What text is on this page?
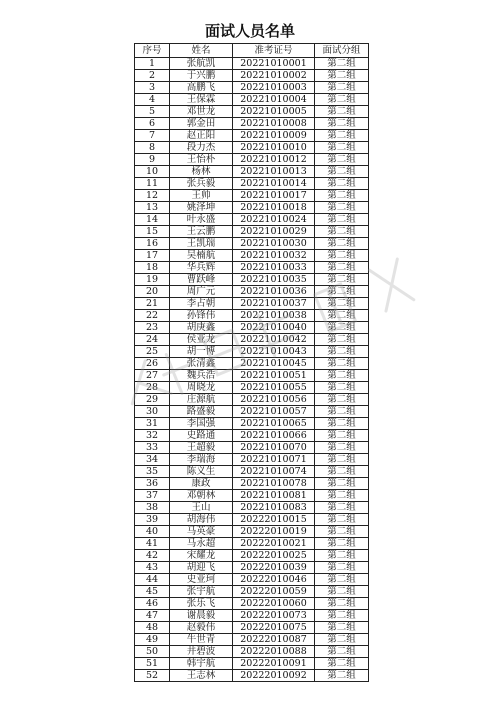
面试人员名单
序号	姓名	准考证号	面试分组
1	张航凯	20221010001	第二组
2	于兴鹏	20221010002	第二组
3	高鹏飞	20221010003	第二组
4	王保霖	20221010004	第二组
5	邓世龙	20221010005	第二组
6	郭金田	20221010008	第二组
7	赵正阳	20221010009	第二组
8	段力杰	20221010010	第二组
9	王怡朴	20221010012	第二组
10	杨林	20221010013	第二组
11	张兵毅	20221010014	第二组
12	王帅	20221010017	第二组
13	姚泽坤	20221010018	第二组
14	叶永盛	20221010024	第二组
15	王云鹏	20221010029	第二组
16	王凯瑞	20221010030	第二组
17	吴楠航	20221010032	第二组
18	华兵辉	20221010033	第二组
19	曹跃峰	20221010035	第二组
20	周广元	20221010036	第二组
21	李占朝	20221010037	第二组
22	孙锋伟	20221010038	第二组
23	胡庚鑫	20221010040	第二组
24	侯亚龙	20221010042	第二组
25	胡一博	20221010043	第二组
26	张清鑫	20221010045	第二组
27	魏兵浩	20221010051	第二组
28	周晓龙	20221010055	第二组
29	庄源航	20221010056	第二组
30	路盛毅	20221010057	第二组
31	李国强	20221010065	第二组
32	史路通	20221010066	第二组
33	王超毅	20221010070	第二组
34	李瑞海	20221010071	第二组
35	陈义生	20221010074	第二组
36	康政	20221010078	第二组
37	邓朝林	20221010081	第二组
38	王山	20221010083	第二组
39	胡海伟	20222010015	第二组
40	马英豪	20222010019	第二组
41	马永超	20222010021	第二组
42	宋耀龙	20222010025	第二组
43	胡迎飞	20222010039	第二组
44	史亚珂	20222010046	第二组
45	张宇航	20222010059	第二组
46	张乐飞	20222010060	第二组
47	谢晨毅	20222010073	第二组
48	赵毅伟	20222010075	第二组
49	牛世青	20222010087	第二组
50	井碧波	20222010088	第二组
51	韩宇航	20222010091	第二组
52	王志林	20222010092	第二组
